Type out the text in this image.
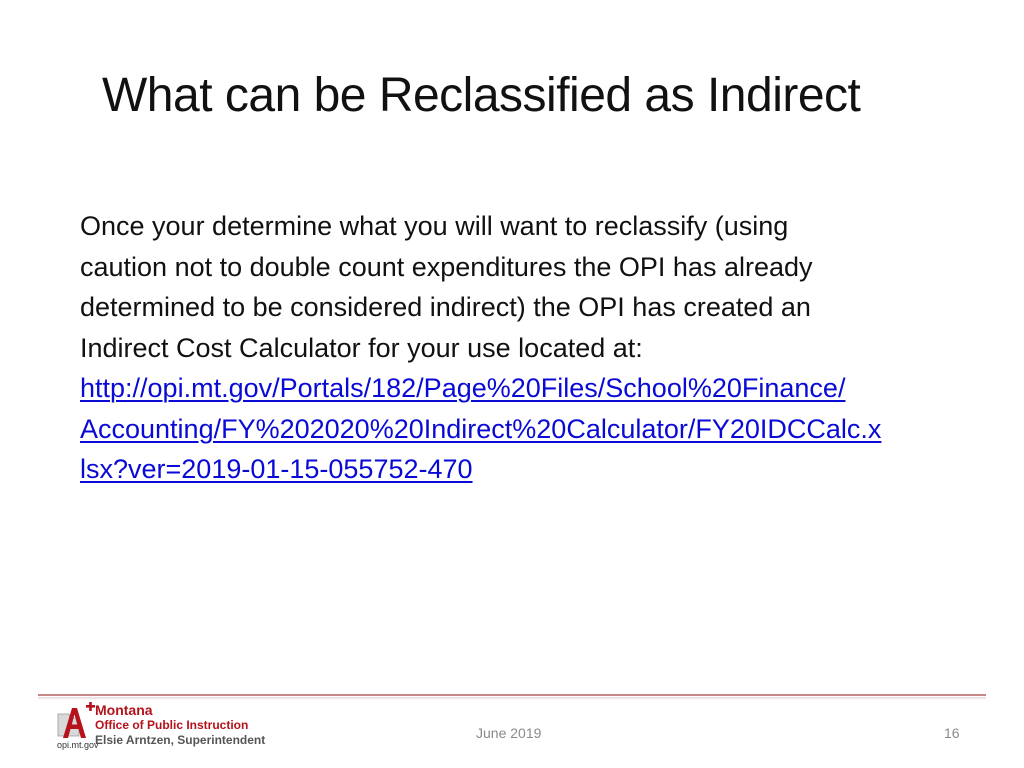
What can be Reclassified as Indirect
Once your determine what you will want to reclassify (using
caution not to double count expenditures the OPI has already
determined to be considered indirect) the OPI has created an
Indirect Cost Calculator for your use located at:
http://opi.mt.gov/Portals/182/Page%20Files/School%20Finance/
Accounting/FY%202020%20Indirect%20Calculator/FY20IDCCalc.x
lsx?ver=2019-01-15-055752-470
opi.mt.gov
Montana
Office of Public Instruction
Elsie Arntzen, Superintendent	June 2019	16
